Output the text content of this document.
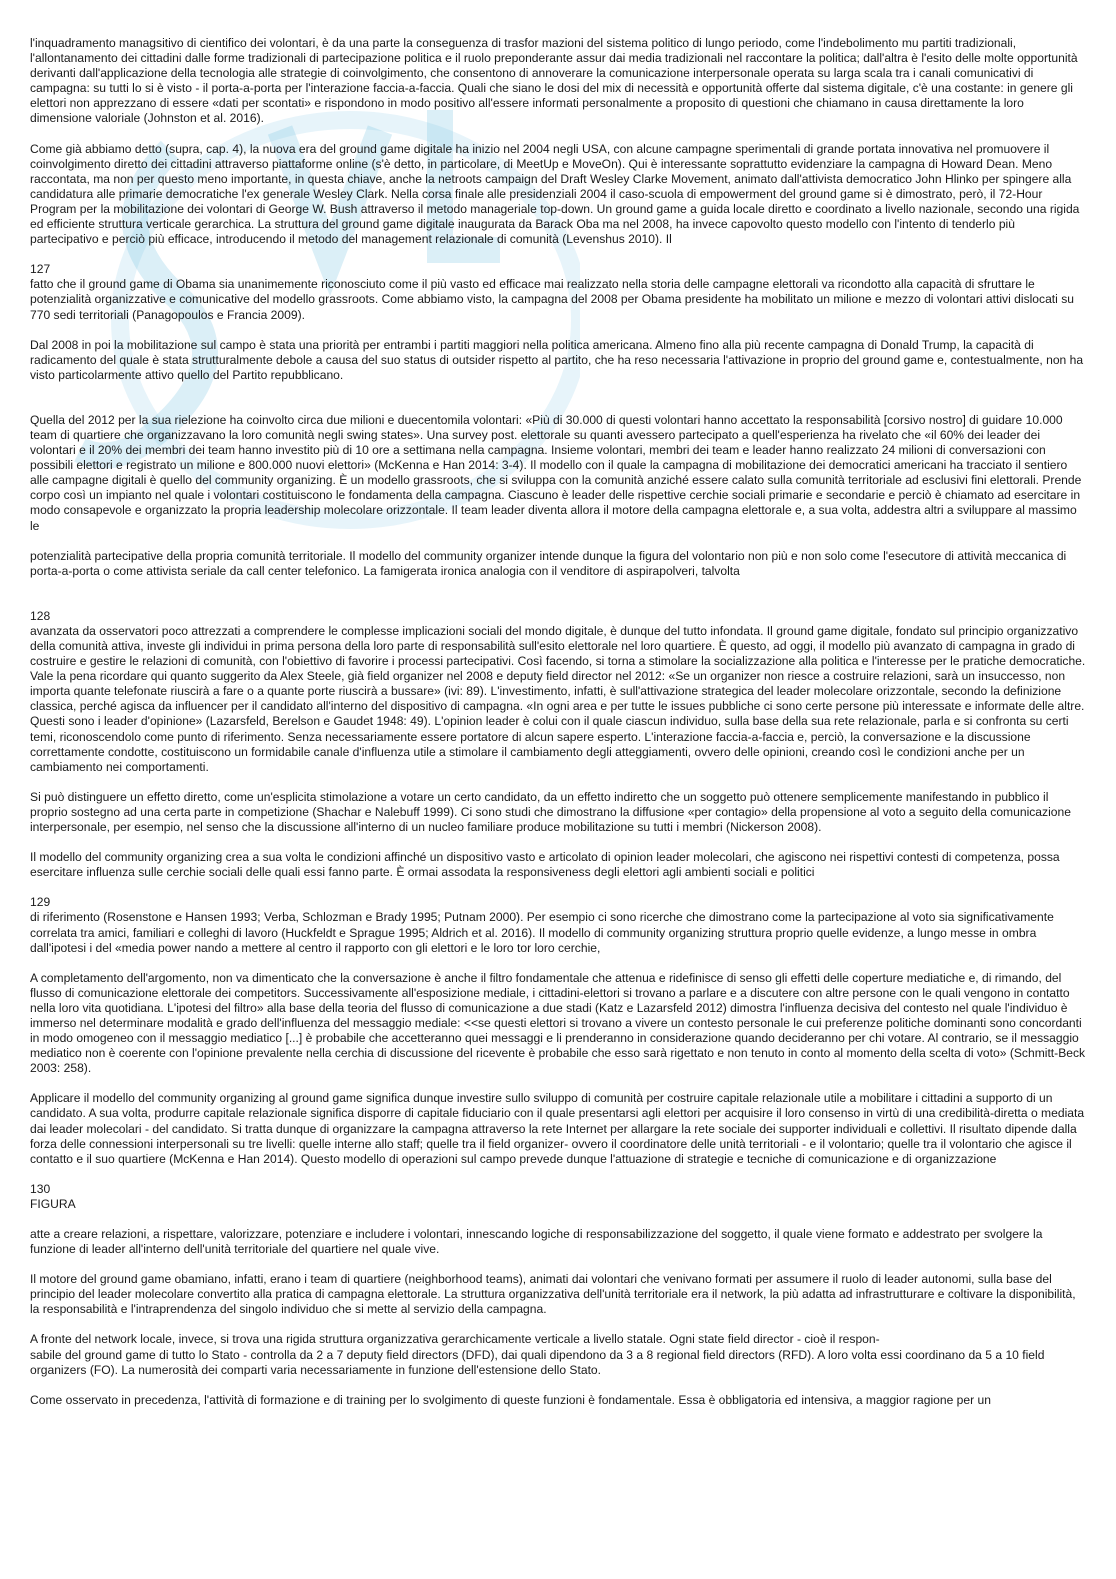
l'inquadramento managsitivo di cientifico dei volontari, è da una parte la conseguenza di trasfor mazioni del sistema politico di lungo periodo, come l'indebolimento mu partiti tradizionali, l'allontanamento dei cittadini dalle forme tradizionali di partecipazione politica e il ruolo preponderante assur dai media tradizionali nel raccontare la politica; dall'altra è l'esito delle molte opportunità derivanti dall'applicazione della tecnologia alle strategie di coinvolgimento, che consentono di annoverare la comunicazione interpersonale operata su larga scala tra i canali comunicativi di campagna: su tutti lo si è visto - il porta-a-porta per l'interazione faccia-a-faccia. Quali che siano le dosi del mix di necessità e opportunità offerte dal sistema digitale, c'è una costante: in genere gli elettori non apprezzano di essere «dati per scontati» e rispondono in modo positivo all'essere informati personalmente a proposito di questioni che chiamano in causa direttamente la loro dimensione valoriale (Johnston et al. 2016).

Come già abbiamo detto (supra, cap. 4), la nuova era del ground game digitale ha inizio nel 2004 negli USA, con alcune campagne sperimentali di grande portata innovativa nel promuovere il coinvolgimento diretto dei cittadini attraverso piattaforme online (s'è detto, in particolare, di MeetUp e MoveOn). Qui è interessante soprattutto evidenziare la campagna di Howard Dean. Meno raccontata, ma non per questo meno importante, in questa chiave, anche la netroots campaign del Draft Wesley Clarke Movement, animato dall'attivista democratico John Hlinko per spingere alla candidatura alle primarie democratiche l'ex generale Wesley Clark. Nella corsa finale alle presidenziali 2004 il caso-scuola di empowerment del ground game si è dimostrato, però, il 72-Hour Program per la mobilitazione dei volontari di George W. Bush attraverso il metodo manageriale top-down. Un ground game a guida locale diretto e coordinato a livello nazionale, secondo una rigida ed efficiente struttura verticale gerarchica. La struttura del ground game digitale inaugurata da Barack Oba ma nel 2008, ha invece capovolto questo modello con l'intento di tenderlo più partecipativo e perciò più efficace, introducendo il metodo del management relazionale di comunità (Levenshus 2010). Il

127

fatto che il ground game di Obama sia unanimemente riconosciuto come il più vasto ed efficace mai realizzato nella storia delle campagne elettorali va ricondotto alla capacità di sfruttare le potenzialità organizzative e comunicative del modello grassroots. Come abbiamo visto, la campagna del 2008 per Obama presidente ha mobilitato un milione e mezzo di volontari attivi dislocati su 770 sedi territoriali (Panagopoulos e Francia 2009).

Dal 2008 in poi la mobilitazione sul campo è stata una priorità per entrambi i partiti maggiori nella politica americana. Almeno fino alla più recente campagna di Donald Trump, la capacità di radicamento del quale è stata strutturalmente debole a causa del suo status di outsider rispetto al partito, che ha reso necessaria l'attivazione in proprio del ground game e, contestualmente, non ha visto particolarmente attivo quello del Partito repubblicano.

Quella del 2012 per la sua rielezione ha coinvolto circa due milioni e duecentomila volontari: «Più di 30.000 di questi volontari hanno accettato la responsabilità [corsivo nostro] di guidare 10.000 team di quartiere che organizzavano la loro comunità negli swing states». Una survey post. elettorale su quanti avessero partecipato a quell'esperienza ha rivelato che «il 60% dei leader dei volontari e il 20% dei membri dei team hanno investito più di 10 ore a settimana nella campagna. Insieme volontari, membri dei team e leader hanno realizzato 24 milioni di conversazioni con possibili elettori e registrato un milione e 800.000 nuovi elettori» (McKenna e Han 2014: 3-4). Il modello con il quale la campagna di mobilitazione dei democratici americani ha tracciato il sentiero alle campagne digitali è quello del community organizing. È un modello grassroots, che si sviluppa con la comunità anziché essere calato sulla comunità territoriale ad esclusivi fini elettorali. Prende corpo così un impianto nel quale i volontari costituiscono le fondamenta della campagna. Ciascuno è leader delle rispettive cerchie sociali primarie e secondarie e perciò è chiamato ad esercitare in modo consapevole e organizzato la propria leadership molecolare orizzontale. Il team leader diventa allora il motore della campagna elettorale e, a sua volta, addestra altri a sviluppare al massimo le

potenzialità partecipative della propria comunità territoriale. Il modello del community organizer intende dunque la figura del volontario non più e non solo come l'esecutore di attività meccanica di porta-a-porta o come attivista seriale da call center telefonico. La famigerata ironica analogia con il venditore di aspirapolveri, talvolta

128

avanzata da osservatori poco attrezzati a comprendere le complesse implicazioni sociali del mondo digitale, è dunque del tutto infondata. Il ground game digitale, fondato sul principio organizzativo della comunità attiva, investe gli individui in prima persona della loro parte di responsabilità sull'esito elettorale nel loro quartiere. È questo, ad oggi, il modello più avanzato di campagna in grado di costruire e gestire le relazioni di comunità, con l'obiettivo di favorire i processi partecipativi. Così facendo, si torna a stimolare la socializzazione alla politica e l'interesse per le pratiche democratiche. Vale la pena ricordare qui quanto suggerito da Alex Steele, già field organizer nel 2008 e deputy field director nel 2012: «Se un organizer non riesce a costruire relazioni, sarà un insuccesso, non importa quante telefonate riuscirà a fare o a quante porte riuscirà a bussare» (ivi: 89). L'investimento, infatti, è sull'attivazione strategica del leader molecolare orizzontale, secondo la definizione classica, perché agisca da influencer per il candidato all'interno del dispositivo di campagna. «In ogni area e per tutte le issues pubbliche ci sono certe persone più interessate e informate delle altre. Questi sono i leader d'opinione» (Lazarsfeld, Berelson e Gaudet 1948: 49). L'opinion leader è colui con il quale ciascun individuo, sulla base della sua rete relazionale, parla e si confronta su certi temi, riconoscendolo come punto di riferimento. Senza necessariamente essere portatore di alcun sapere esperto. L'interazione faccia-a-faccia e, perciò, la conversazione e la discussione correttamente condotte, costituiscono un formidabile canale d'influenza utile a stimolare il cambiamento degli atteggiamenti, ovvero delle opinioni, creando così le condizioni anche per un cambiamento nei comportamenti.

Si può distinguere un effetto diretto, come un'esplicita stimolazione a votare un certo candidato, da un effetto indiretto che un soggetto può ottenere semplicemente manifestando in pubblico il proprio sostegno ad una certa parte in competizione (Shachar e Nalebuff 1999). Ci sono studi che dimostrano la diffusione «per contagio» della propensione al voto a seguito della comunicazione interpersonale, per esempio, nel senso che la discussione all'interno di un nucleo familiare produce mobilitazione su tutti i membri (Nickerson 2008).

Il modello del community organizing crea a sua volta le condizioni affinché un dispositivo vasto e articolato di opinion leader molecolari, che agiscono nei rispettivi contesti di competenza, possa esercitare influenza sulle cerchie sociali delle quali essi fanno parte. È ormai assodata la responsiveness degli elettori agli ambienti sociali e politici

129

di riferimento (Rosenstone e Hansen 1993; Verba, Schlozman e Brady 1995; Putnam 2000). Per esempio ci sono ricerche che dimostrano come la partecipazione al voto sia significativamente correlata tra amici, familiari e colleghi di lavoro (Huckfeldt e Sprague 1995; Aldrich et al. 2016). Il modello di community organizing struttura proprio quelle evidenze, a lungo messe in ombra dall'ipotesi i del «media power nando a mettere al centro il rapporto con gli elettori e le loro tor loro cerchie,

A completamento dell'argomento, non va dimenticato che la conversazione è anche il filtro fondamentale che attenua e ridefinisce di senso gli effetti delle coperture mediatiche e, di rimando, del flusso di comunicazione elettorale dei competitors. Successivamente all'esposizione mediale, i cittadini-elettori si trovano a parlare e a discutere con altre persone con le quali vengono in contatto nella loro vita quotidiana. L'ipotesi del filtro» alla base della teoria del flusso di comunicazione a due stadi (Katz e Lazarsfeld 2012) dimostra l'influenza decisiva del contesto nel quale l'individuo è immerso nel determinare modalità e grado dell'influenza del messaggio mediale: <<se questi elettori si trovano a vivere un contesto personale le cui preferenze politiche dominanti sono concordanti in modo omogeneo con il messaggio mediatico [...] è probabile che accetteranno quei messaggi e li prenderanno in considerazione quando decideranno per chi votare. Al contrario, se il messaggio mediatico non è coerente con l'opinione prevalente nella cerchia di discussione del ricevente è probabile che esso sarà rigettato e non tenuto in conto al momento della scelta di voto» (Schmitt-Beck 2003: 258).

Applicare il modello del community organizing al ground game significa dunque investire sullo sviluppo di comunità per costruire capitale relazionale utile a mobilitare i cittadini a supporto di un candidato. A sua volta, produrre capitale relazionale significa disporre di capitale fiduciario con il quale presentarsi agli elettori per acquisire il loro consenso in virtù di una credibilità-diretta o mediata dai leader molecolari - del candidato. Si tratta dunque di organizzare la campagna attraverso la rete Internet per allargare la rete sociale dei supporter individuali e collettivi. Il risultato dipende dalla forza delle connessioni interpersonali su tre livelli: quelle interne allo staff; quelle tra il field organizer- ovvero il coordinatore delle unità territoriali - e il volontario; quelle tra il volontario che agisce il contatto e il suo quartiere (McKenna e Han 2014). Questo modello di operazioni sul campo prevede dunque l'attuazione di strategie e tecniche di comunicazione e di organizzazione

130
FIGURA

atte a creare relazioni, a rispettare, valorizzare, potenziare e includere i volontari, innescando logiche di responsabilizzazione del soggetto, il quale viene formato e addestrato per svolgere la funzione di leader all'interno dell'unità territoriale del quartiere nel quale vive.

Il motore del ground game obamiano, infatti, erano i team di quartiere (neighborhood teams), animati dai volontari che venivano formati per assumere il ruolo di leader autonomi, sulla base del principio del leader molecolare convertito alla pratica di campagna elettorale. La struttura organizzativa dell'unità territoriale era il network, la più adatta ad infrastrutturare e coltivare la disponibilità, la responsabilità e l'intraprendenza del singolo individuo che si mette al servizio della campagna.

A fronte del network locale, invece, si trova una rigida struttura organizzativa gerarchicamente verticale a livello statale. Ogni state field director - cioè il respon-

sabile del ground game di tutto lo Stato - controlla da 2 a 7 deputy field directors (DFD), dai quali dipendono da 3 a 8 regional field directors (RFD). A loro volta essi coordinano da 5 a 10 field organizers (FO). La numerosità dei comparti varia necessariamente in funzione dell'estensione dello Stato.

Come osservato in precedenza, l'attività di formazione e di training per lo svolgimento di queste funzioni è fondamentale. Essa è obbligatoria ed intensiva, a maggior ragione per un
